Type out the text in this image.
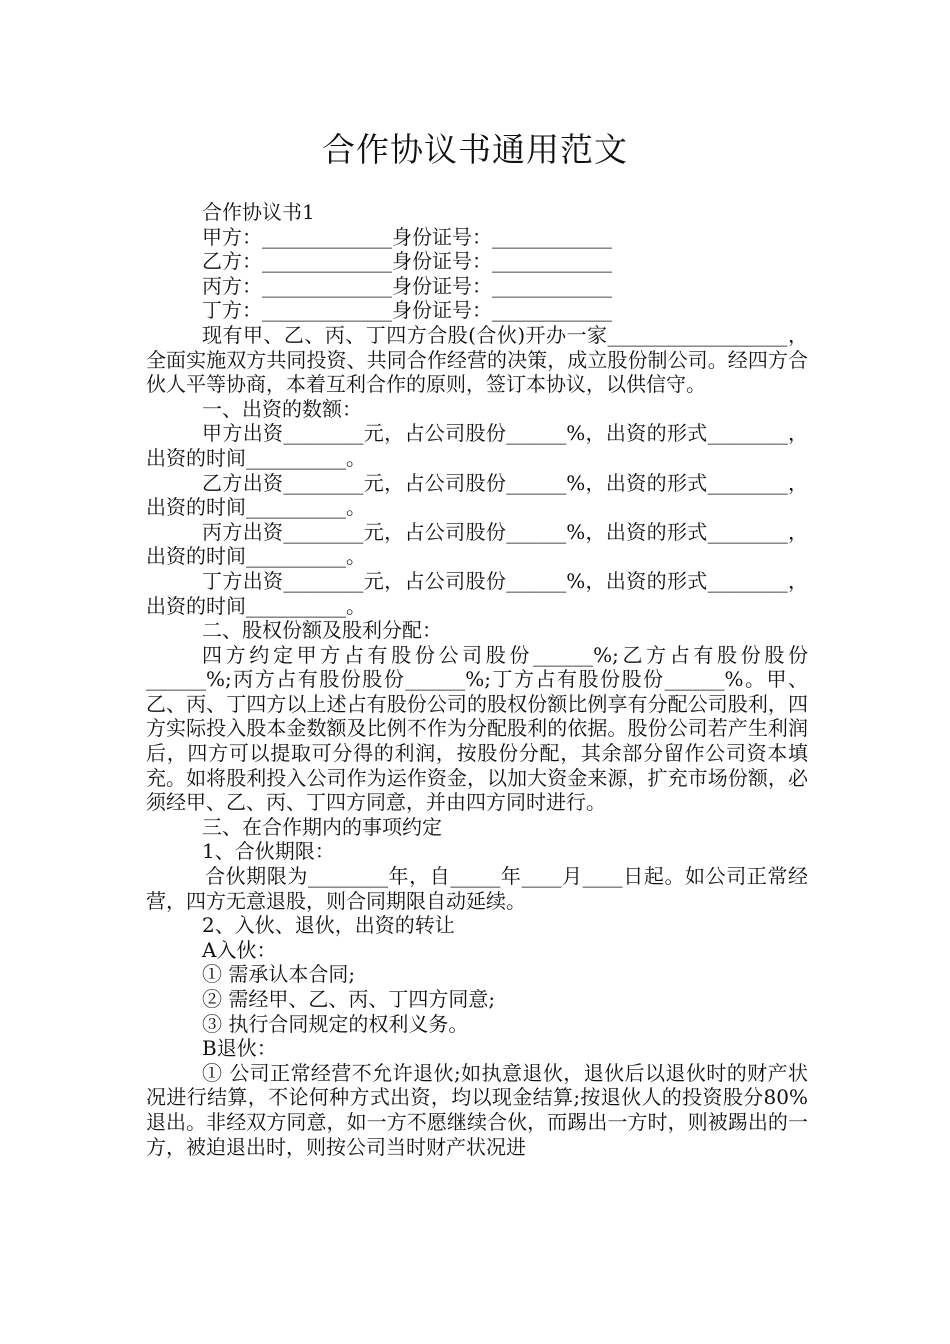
合作协议书通用范文

合作协议书1

甲方：_____________身份证号：____________

乙方：_____________身份证号：____________

丙方：_____________身份证号：____________

丁方：_____________身份证号：____________

现有甲、乙、丙、丁四方合股(合伙)开办一家__________________，全面实施双方共同投资、共同合作经营的决策，成立股份制公司。经四方合伙人平等协商，本着互利合作的原则，签订本协议，以供信守。

一、出资的数额：

甲方出资________元，占公司股份______%，出资的形式________，出资的时间__________。

乙方出资________元，占公司股份______%，出资的形式________，出资的时间__________。

丙方出资________元，占公司股份______%，出资的形式________，出资的时间__________。

丁方出资________元，占公司股份______%，出资的形式________，出资的时间__________。

二、股权份额及股利分配：

四方约定甲方占有股份公司股份______%;乙方占有股份股份______%;丙方占有股份股份______%;丁方占有股份股份______%。甲、乙、丙、丁四方以上述占有股份公司的股权份额比例享有分配公司股利，四方实际投入股本金数额及比例不作为分配股利的依据。股份公司若产生利润后，四方可以提取可分得的利润，按股份分配，其余部分留作公司资本填充。如将股利投入公司作为运作资金，以加大资金来源，扩充市场份额，必须经甲、乙、丙、丁四方同意，并由四方同时进行。

三、在合作期内的事项约定

1、合伙期限：

合伙期限为________年，自_____年____月____日起。如公司正常经营，四方无意退股，则合同期限自动延续。

2、入伙、退伙，出资的转让

A入伙：

① 需承认本合同;

② 需经甲、乙、丙、丁四方同意;

③ 执行合同规定的权利义务。

B退伙：

① 公司正常经营不允许退伙;如执意退伙，退伙后以退伙时的财产状况进行结算，不论何种方式出资，均以现金结算;按退伙人的投资股分80%退出。非经双方同意，如一方不愿继续合伙，而踢出一方时，则被踢出的一方，被迫退出时，则按公司当时财产状况进
